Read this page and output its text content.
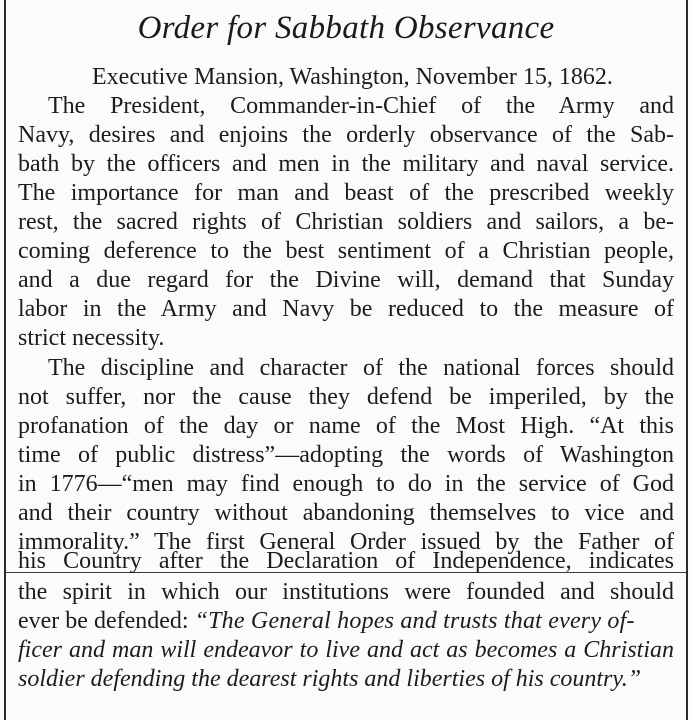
Order for Sabbath Observance
Executive Mansion, Washington, November 15, 1862.
The President, Commander-in-Chief of the Army and
Navy, desires and enjoins the orderly observance of the Sab-
bath by the officers and men in the military and naval service.
The importance for man and beast of the prescribed weekly
rest, the sacred rights of Christian soldiers and sailors, a be-
coming deference to the best sentiment of a Christian people,
and a due regard for the Divine will, demand that Sunday
labor in the Army and Navy be reduced to the measure of
strict necessity.
The discipline and character of the national forces should
not suffer, nor the cause they defend be imperiled, by the
profanation of the day or name of the Most High. “At this
time of public distress”—adopting the words of Washington
in 1776—“men may find enough to do in the service of God
and their country without abandoning themselves to vice and
immorality.” The first General Order issued by the Father of
his Country after the Declaration of Independence, indicates
the spirit in which our institutions were founded and should
ever be defended: “The General hopes and trusts that every of-
ficer and man will endeavor to live and act as becomes a Christian
soldier defending the dearest rights and liberties of his country.”
